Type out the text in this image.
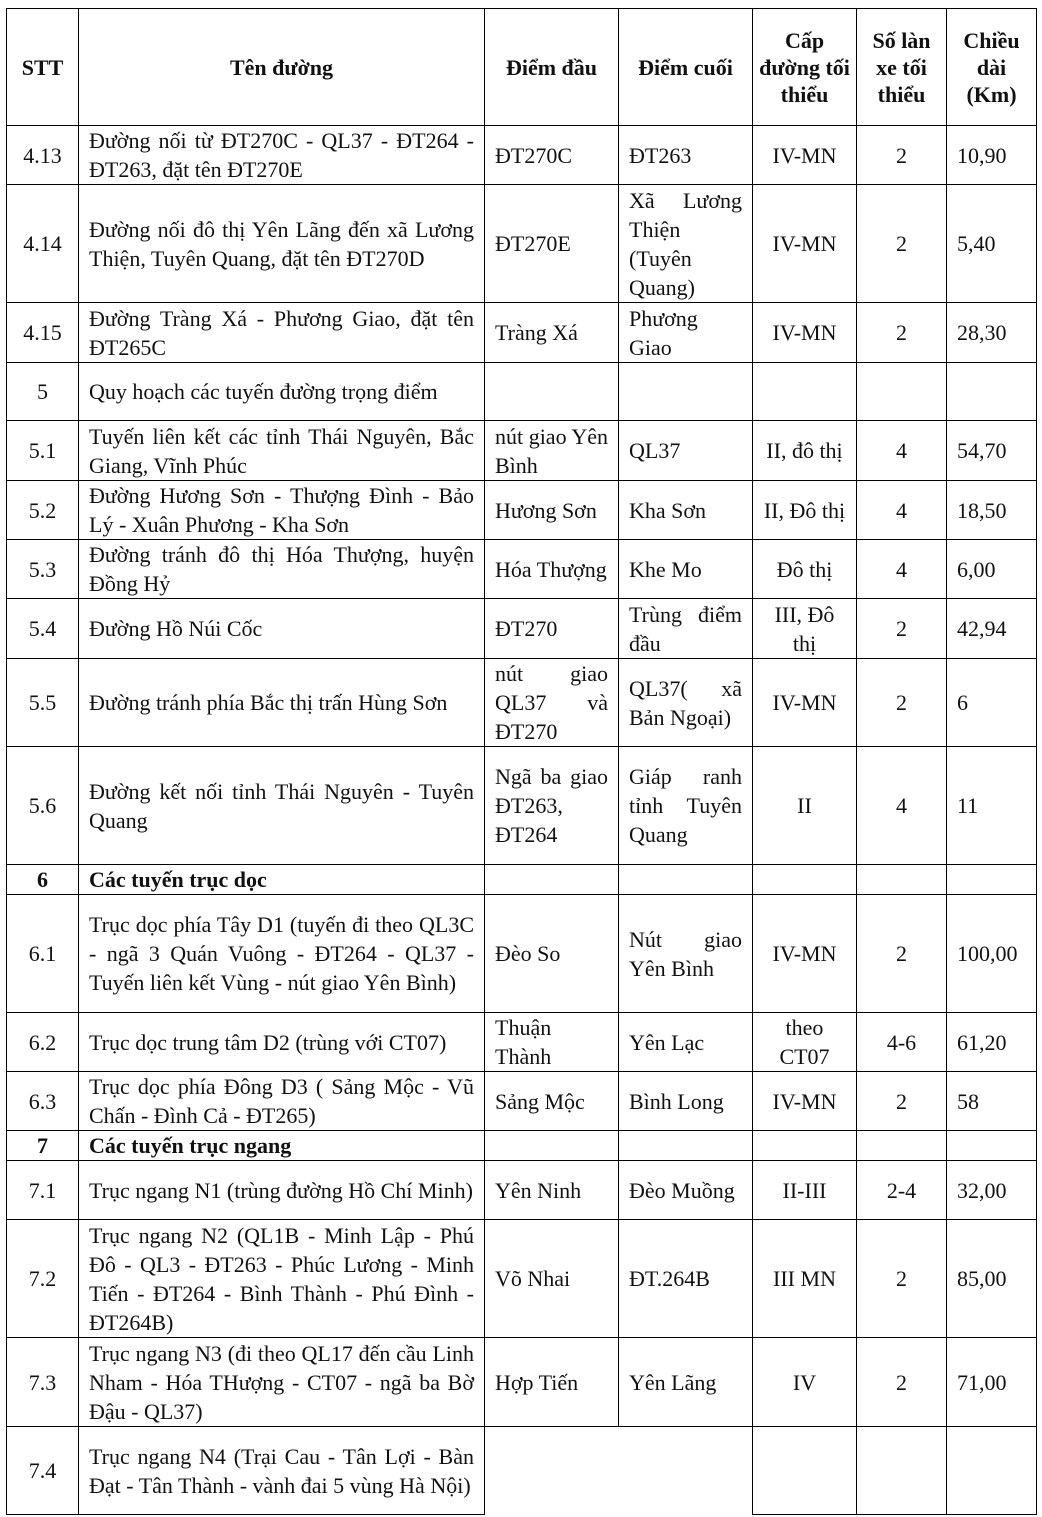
STT	Tên đường	Điểm đầu	Điểm cuối	Cấp đường tối thiểu	Số làn xe tối thiểu	Chiều dài (Km)
4.13	Đường nối từ ĐT270C - QL37 - ĐT264 - ĐT263, đặt tên ĐT270E	ĐT270C	ĐT263	IV-MN	2	10,90
4.14	Đường nối đô thị Yên Lãng đến xã Lương Thiện, Tuyên Quang, đặt tên ĐT270D	ĐT270E	Xã Lương Thiện (Tuyên Quang)	IV-MN	2	5,40
4.15	Đường Tràng Xá - Phương Giao, đặt tên ĐT265C	Tràng Xá	Phương Giao	IV-MN	2	28,30
5	Quy hoạch các tuyến đường trọng điểm					
5.1	Tuyến liên kết các tỉnh Thái Nguyên, Bắc Giang, Vĩnh Phúc	nút giao Yên Bình	QL37	II, đô thị	4	54,70
5.2	Đường Hương Sơn - Thượng Đình - Bảo Lý - Xuân Phương - Kha Sơn	Hương Sơn	Kha Sơn	II, Đô thị	4	18,50
5.3	Đường tránh đô thị Hóa Thượng, huyện Đồng Hỷ	Hóa Thượng	Khe Mo	Đô thị	4	6,00
5.4	Đường Hồ Núi Cốc	ĐT270	Trùng điểm đầu	III, Đô thị	2	42,94
5.5	Đường tránh phía Bắc thị trấn Hùng Sơn	nút giao QL37 và ĐT270	QL37( xã Bản Ngoại)	IV-MN	2	6
5.6	Đường kết nối tỉnh Thái Nguyên - Tuyên Quang	Ngã ba giao ĐT263, ĐT264	Giáp ranh tỉnh Tuyên Quang	II	4	11
6	Các tuyến trục dọc					
6.1	Trục dọc phía Tây D1 (tuyến đi theo QL3C - ngã 3 Quán Vuông - ĐT264 - QL37 - Tuyến liên kết Vùng - nút giao Yên Bình)	Đèo So	Nút giao Yên Bình	IV-MN	2	100,00
6.2	Trục dọc trung tâm D2 (trùng với CT07)	Thuận Thành	Yên Lạc	theo CT07	4-6	61,20
6.3	Trục dọc phía Đông D3 ( Sảng Mộc - Vũ Chấn - Đình Cả - ĐT265)	Sảng Mộc	Bình Long	IV-MN	2	58
7	Các tuyến trục ngang					
7.1	Trục ngang N1 (trùng đường Hồ Chí Minh)	Yên Ninh	Đèo Muồng	II-III	2-4	32,00
7.2	Trục ngang N2 (QL1B - Minh Lập - Phú Đô - QL3 - ĐT263 - Phúc Lương - Minh Tiến - ĐT264 - Bình Thành - Phú Đình - ĐT264B)	Võ Nhai	ĐT.264B	III MN	2	85,00
7.3	Trục ngang N3 (đi theo QL17 đến cầu Linh Nham - Hóa THượng - CT07 - ngã ba Bờ Đậu - QL37)	Hợp Tiến	Yên Lãng	IV	2	71,00
7.4	Trục ngang N4 (Trại Cau - Tân Lợi - Bàn Đạt - Tân Thành - vành đai 5 vùng Hà Nội)					
